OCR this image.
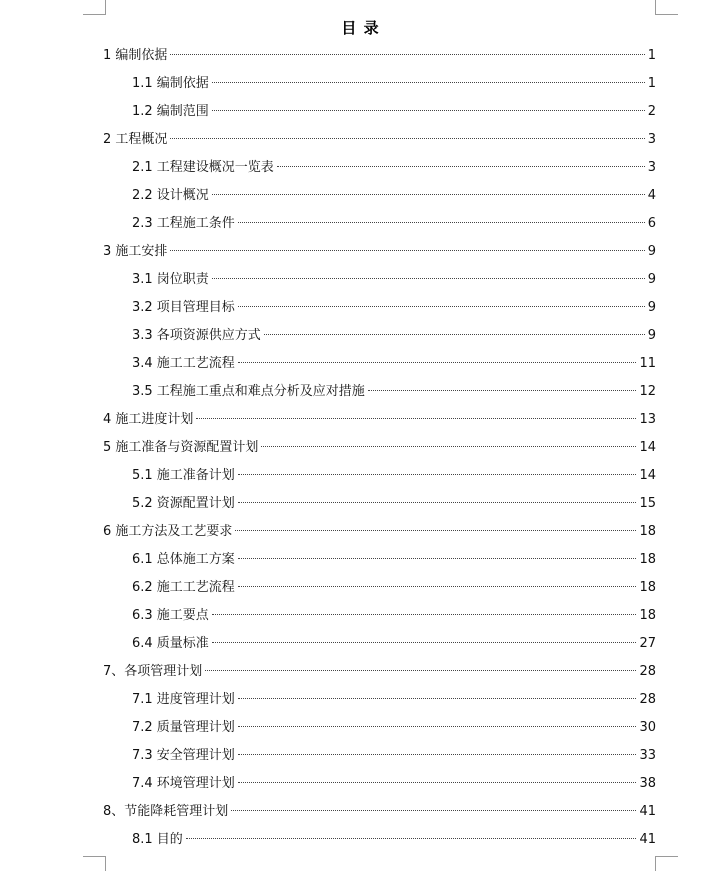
目 录
1 编制依据	1
1.1 编制依据	1
1.2 编制范围	2
2 工程概况	3
2.1 工程建设概况一览表	3
2.2 设计概况	4
2.3 工程施工条件	6
3 施工安排	9
3.1 岗位职责	9
3.2 项目管理目标	9
3.3 各项资源供应方式	9
3.4 施工工艺流程	11
3.5 工程施工重点和难点分析及应对措施	12
4 施工进度计划	13
5 施工准备与资源配置计划	14
5.1 施工准备计划	14
5.2 资源配置计划	15
6 施工方法及工艺要求	18
6.1 总体施工方案	18
6.2 施工工艺流程	18
6.3 施工要点	18
6.4 质量标准	27
7、各项管理计划	28
7.1 进度管理计划	28
7.2 质量管理计划	30
7.3 安全管理计划	33
7.4 环境管理计划	38
8、节能降耗管理计划	41
8.1 目的	41
